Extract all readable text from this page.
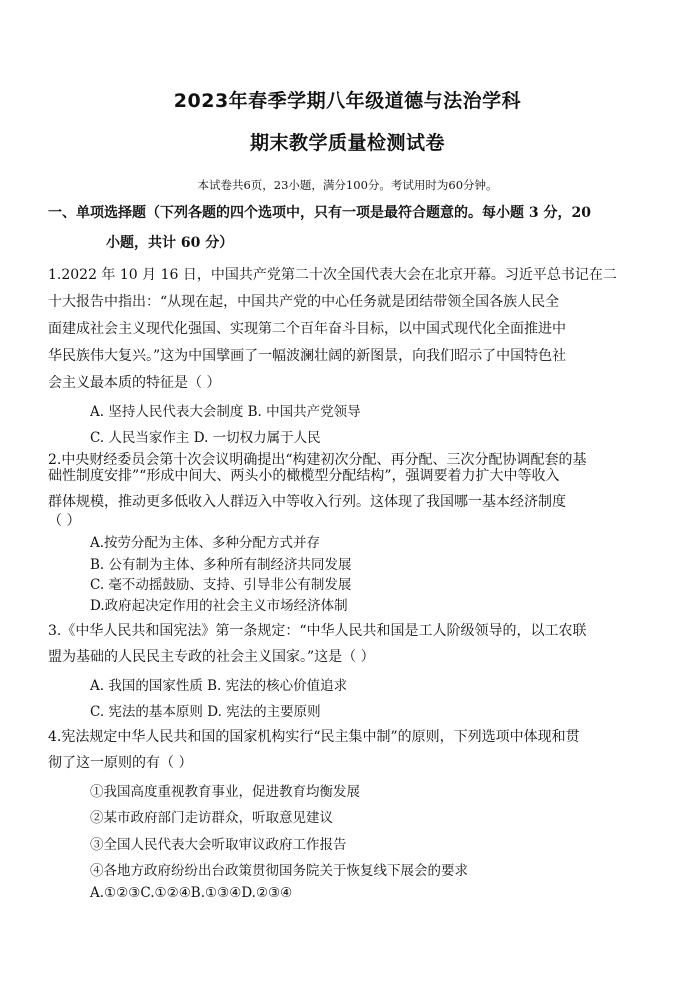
2023年春季学期八年级道德与法治学科
期末教学质量检测试卷
本试卷共6页，23小题，满分100分。考试用时为60分钟。
一、单项选择题（下列各题的四个选项中，只有一项是最符合题意的。每小题 3 分，20
小题，共计 60 分）
1.2022 年 10 月 16 日，中国共产党第二十次全国代表大会在北京开幕。习近平总书记在二
十大报告中指出：“从现在起，中国共产党的中心任务就是团结带领全国各族人民全
面建成社会主义现代化强国、实现第二个百年奋斗目标，以中国式现代化全面推进中
华民族伟大复兴。”这为中国擘画了一幅波澜壮阔的新图景，向我们昭示了中国特色社
会主义最本质的特征是（ ）
A. 坚持人民代表大会制度 B. 中国共产党领导
C. 人民当家作主 D. 一切权力属于人民
2.中央财经委员会第十次会议明确提出“构建初次分配、再分配、三次分配协调配套的基
础性制度安排”“形成中间大、两头小的橄榄型分配结构”，强调要着力扩大中等收入
群体规模，推动更多低收入人群迈入中等收入行列。这体现了我国哪一基本经济制度
（ ）
A.按劳分配为主体、多种分配方式并存
B. 公有制为主体、多种所有制经济共同发展
C. 毫不动摇鼓励、支持、引导非公有制发展
D.政府起决定作用的社会主义市场经济体制
3.《中华人民共和国宪法》第一条规定：“中华人民共和国是工人阶级领导的，以工农联
盟为基础的人民民主专政的社会主义国家。”这是（ ）
A. 我国的国家性质 B. 宪法的核心价值追求
C. 宪法的基本原则 D. 宪法的主要原则
4.宪法规定中华人民共和国的国家机构实行“民主集中制”的原则，下列选项中体现和贯
彻了这一原则的有（ ）
①我国高度重视教育事业，促进教育均衡发展
②某市政府部门走访群众，听取意见建议
③全国人民代表大会听取审议政府工作报告
④各地方政府纷纷出台政策贯彻国务院关于恢复线下展会的要求
A.①②③C.①②④B.①③④D.②③④
